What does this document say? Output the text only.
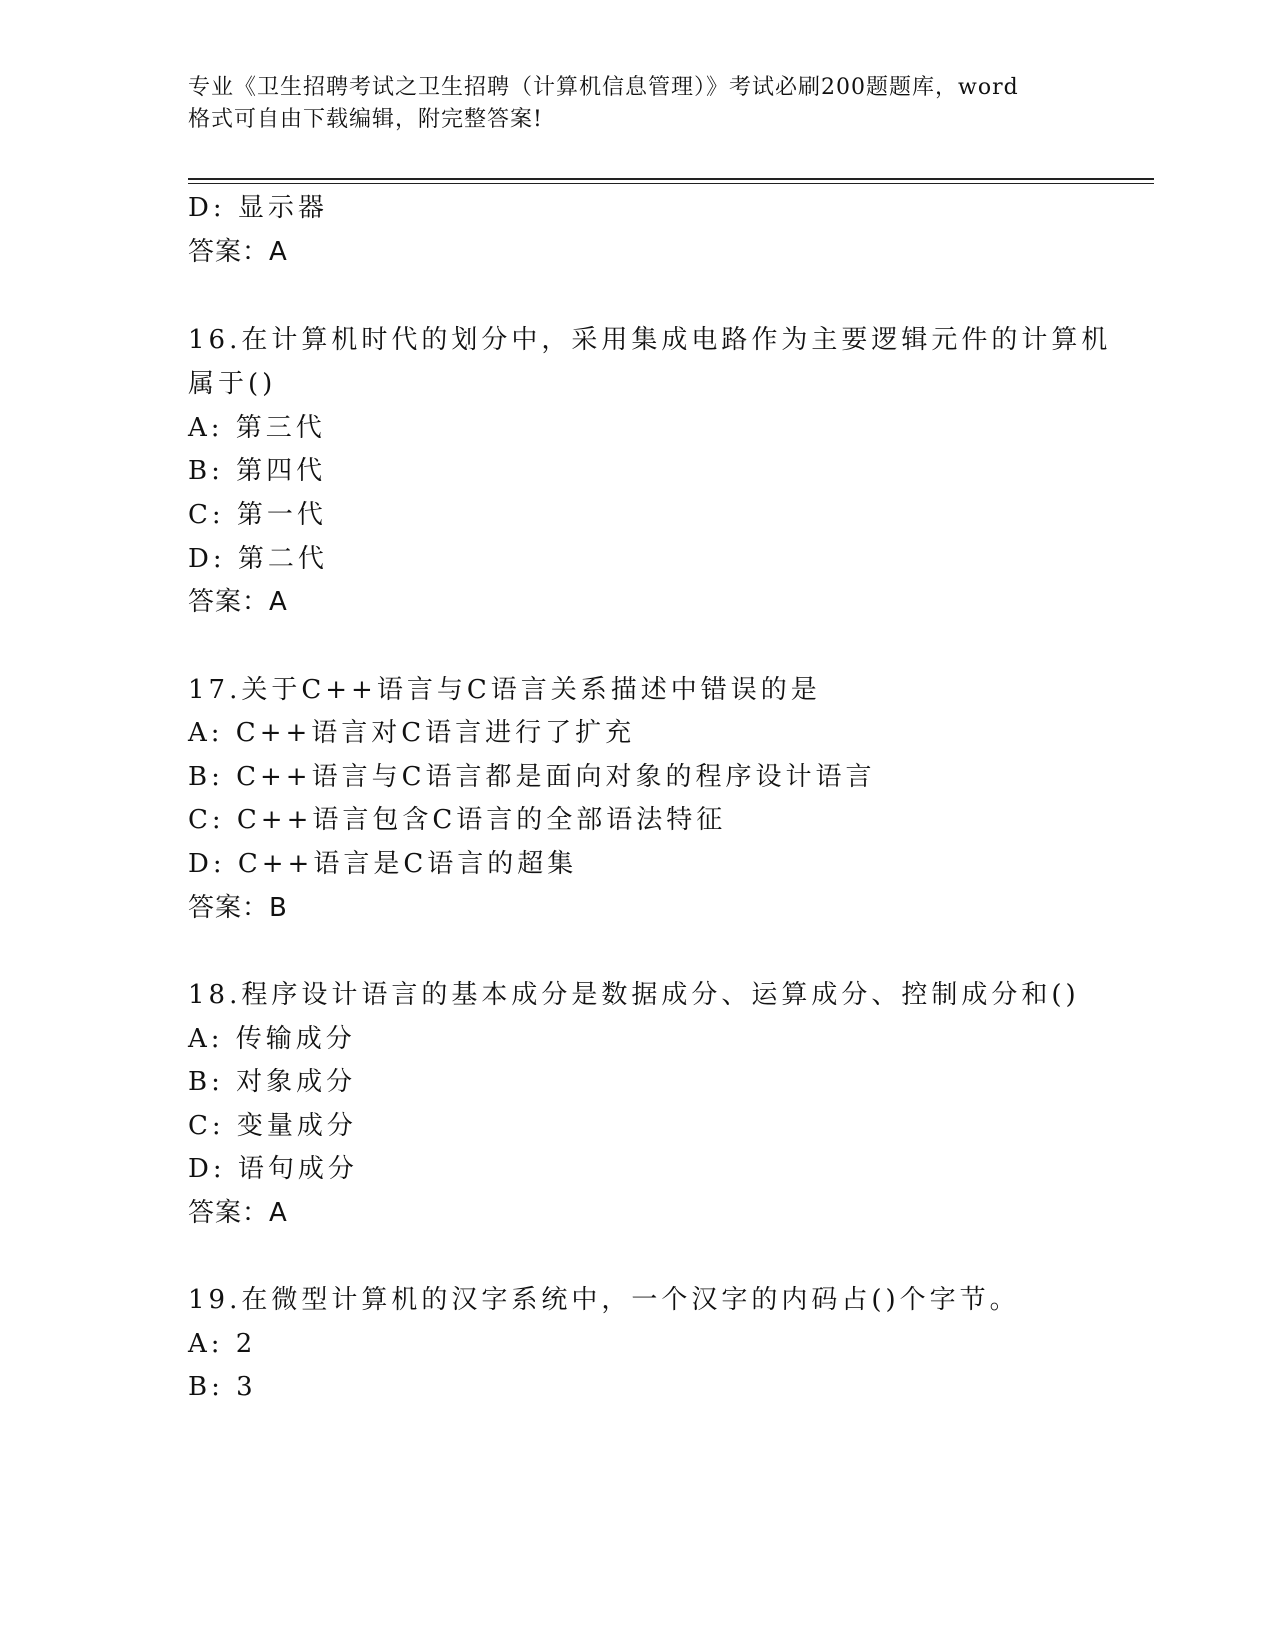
专业《卫生招聘考试之卫生招聘（计算机信息管理）》考试必刷200题题库，word
格式可自由下载编辑，附完整答案!
D: 显示器
答案：A
16.在计算机时代的划分中，采用集成电路作为主要逻辑元件的计算机
属于()
A: 第三代
B: 第四代
C: 第一代
D: 第二代
答案：A
17.关于C++语言与C语言关系描述中错误的是
A: C++语言对C语言进行了扩充
B: C++语言与C语言都是面向对象的程序设计语言
C: C++语言包含C语言的全部语法特征
D: C++语言是C语言的超集
答案：B
18.程序设计语言的基本成分是数据成分、运算成分、控制成分和()
A: 传输成分
B: 对象成分
C: 变量成分
D: 语句成分
答案：A
19.在微型计算机的汉字系统中，一个汉字的内码占()个字节。
A: 2
B: 3
